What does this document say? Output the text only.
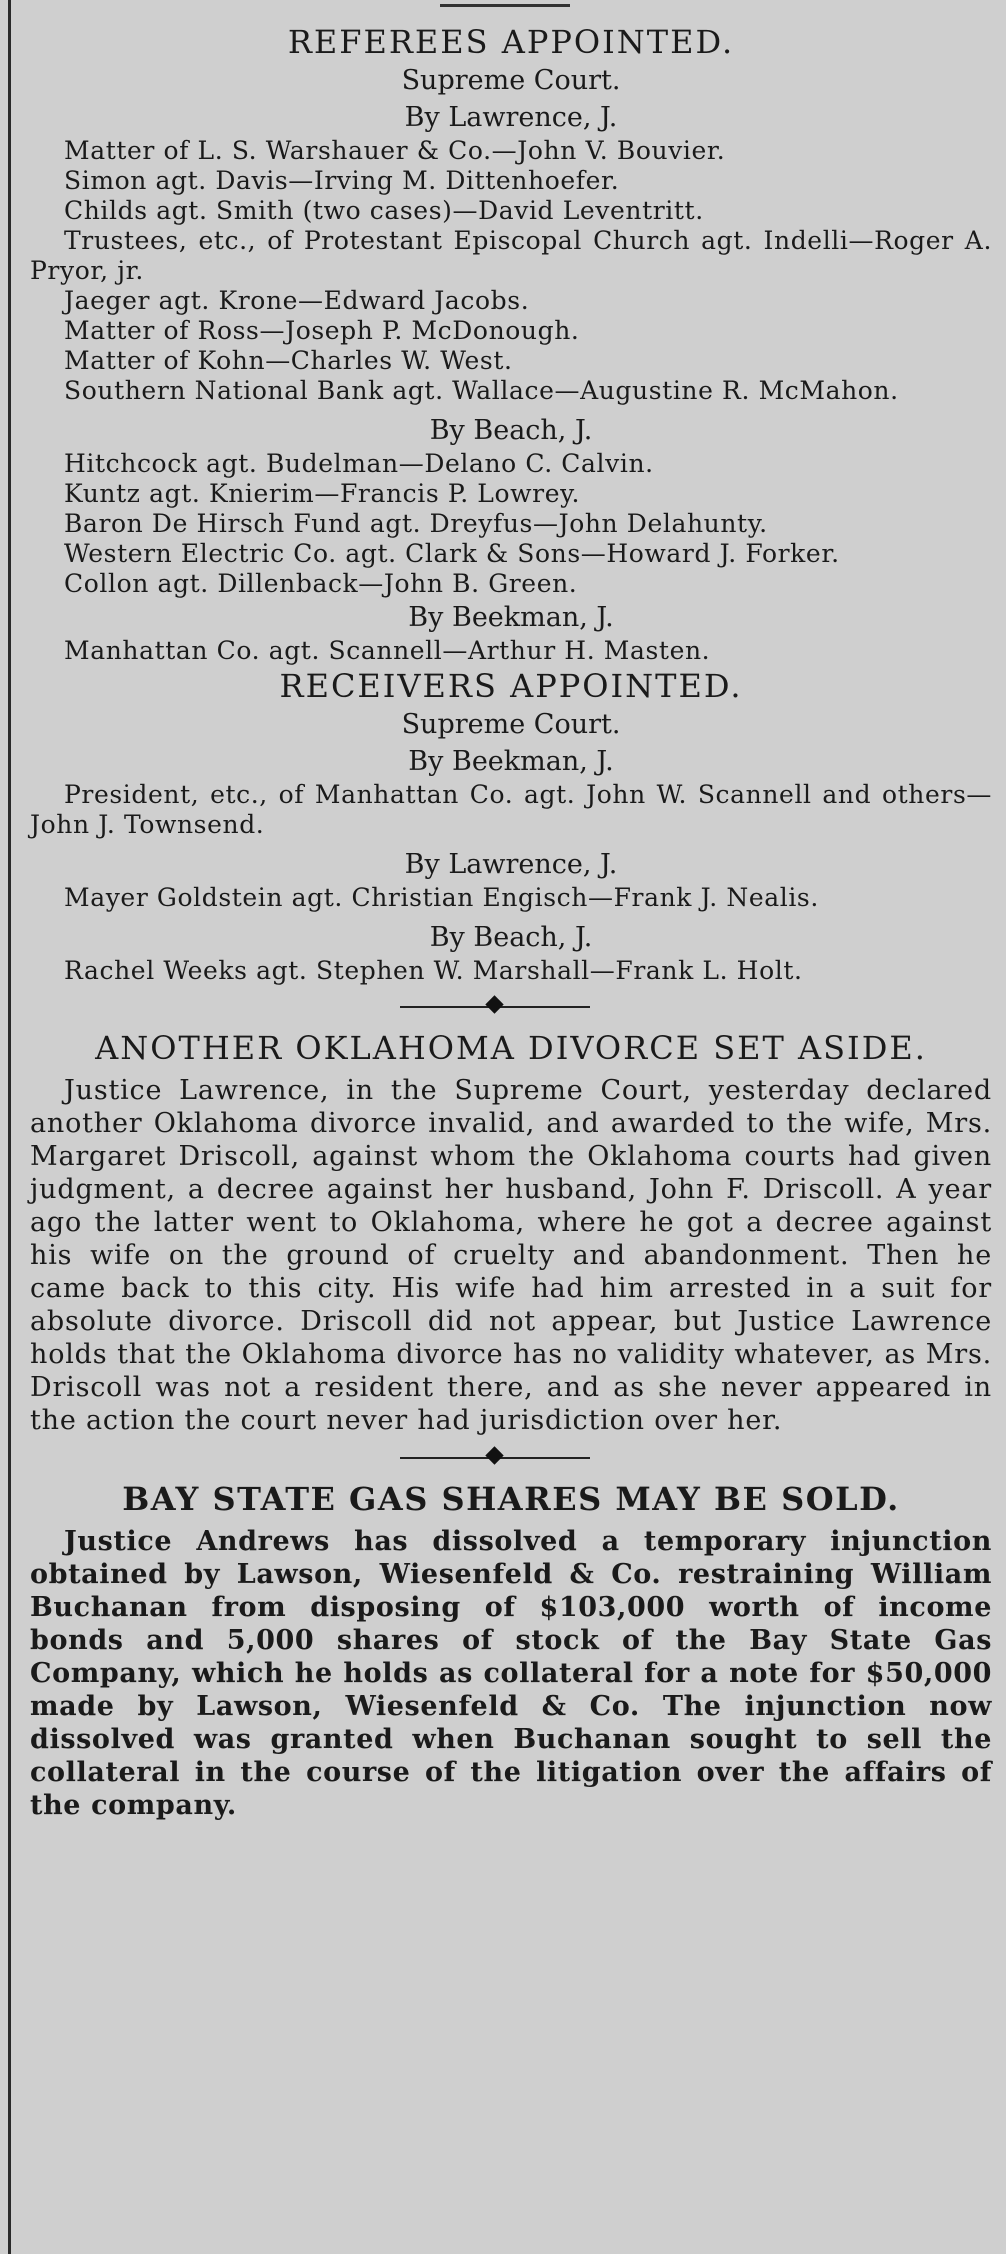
REFEREES APPOINTED.

Supreme Court.

By Lawrence, J.

Matter of L. S. Warshauer & Co.—John V. Bouvier.
Simon agt. Davis—Irving M. Dittenhoefer.
Childs agt. Smith (two cases)—David Leventritt.
Trustees, etc., of Protestant Episcopal Church agt. Indelli—Roger A. Pryor, jr.
Jaeger agt. Krone—Edward Jacobs.
Matter of Ross—Joseph P. McDonough.
Matter of Kohn—Charles W. West.
Southern National Bank agt. Wallace—Augustine R. McMahon.

By Beach, J.

Hitchcock agt. Budelman—Delano C. Calvin.
Kuntz agt. Knierim—Francis P. Lowrey.
Baron De Hirsch Fund agt. Dreyfus—John Delahunty.
Western Electric Co. agt. Clark & Sons—Howard J. Forker.
Collon agt. Dillenback—John B. Green.

By Beekman, J.

Manhattan Co. agt. Scannell—Arthur H. Masten.
RECEIVERS APPOINTED.

Supreme Court.

By Beekman, J.

President, etc., of Manhattan Co. agt. John W. Scannell and others—John J. Townsend.

By Lawrence, J.

Mayer Goldstein agt. Christian Engisch—Frank J. Nealis.

By Beach, J.

Rachel Weeks agt. Stephen W. Marshall—Frank L. Holt.
ANOTHER OKLAHOMA DIVORCE SET ASIDE.

Justice Lawrence, in the Supreme Court, yesterday declared another Oklahoma divorce invalid, and awarded to the wife, Mrs. Margaret Driscoll, against whom the Oklahoma courts had given judgment, a decree against her husband, John F. Driscoll. A year ago the latter went to Oklahoma, where he got a decree against his wife on the ground of cruelty and abandonment. Then he came back to this city. His wife had him arrested in a suit for absolute divorce. Driscoll did not appear, but Justice Lawrence holds that the Oklahoma divorce has no validity whatever, as Mrs. Driscoll was not a resident there, and as she never appeared in the action the court never had jurisdiction over her.

BAY STATE GAS SHARES MAY BE SOLD.

Justice Andrews has dissolved a temporary injunction obtained by Lawson, Wiesenfeld & Co. restraining William Buchanan from disposing of $103,000 worth of income bonds and 5,000 shares of stock of the Bay State Gas Company, which he holds as collateral for a note for $50,000 made by Lawson, Wiesenfeld & Co. The injunction now dissolved was granted when Buchanan sought to sell the collateral in the course of the litigation over the affairs of the company.
